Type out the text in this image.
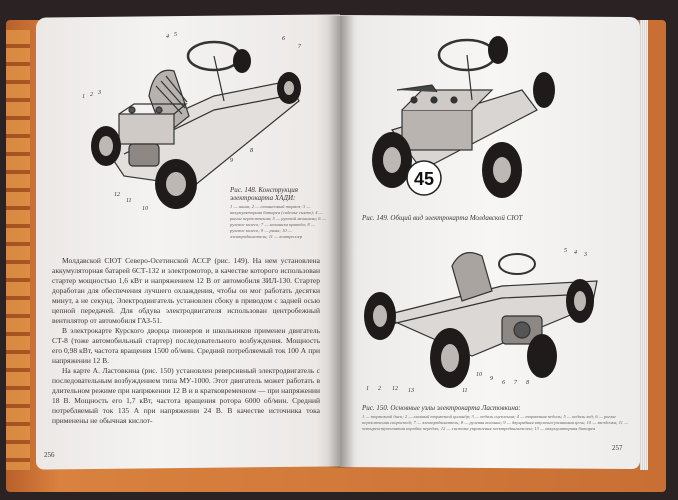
1 2 3
4 5
6
7
8
9
10
11
12
Рис. 148. Конструкция электрокарта ХАДИ:
1 — шина; 2 — стояночный тормоз; 3 — аккумуляторная батарея (сиденье снято); 4 — рычаг переключения; 5 — рулевой механизм; 6 — рулевое колесо; 7 — механизм привода; 8 — рулевое колесо; 9 — рама; 10 — электродвигатель; 11 — контроллер

Молдавской СЮТ Северо-Осетинской АССР (рис. 149). На нем установлена аккумуляторная батарей 6СТ-132 и электромотор, в качестве которого использован стартер мощностью 1,6 кВт и напряжением 12 В от автомобиля ЗИЛ-130. Стартер доработан для обеспечения лучшего охлаждения, чтобы он мог работать десятки минут, а не секунд. Электродвигатель установлен сбоку в приводом с задней осью цепной передачей. Для обдува электродвигателя использован центробежный вентилятор от автомобиля ГАЗ-51.

В электрокарте Курского дворца пионеров и школьников применен двигатель СТ-8 (тоже автомобильный стартер) последовательного возбуждения. Мощность его 0,98 кВт, частота вращения 1500 об/мин. Средний потребляемый ток 100 А при напряжении 12 В.

На карте А. Ластовкина (рис. 150) установлен реверсивный электродвигатель с последовательным возбуждением типа МУ-1000. Этот двигатель может работать в длительном режиме при напряжении 12 В и в кратковременном — при напряжении 18 В. Мощность его 1,7 кВт, частота вращения ротора 6000 об/мин. Средний потребляемый ток 135 А при напряжении 24 В. В качестве источника тока применены не обычная кислот-

256
45
Рис. 149. Общий вид электрокарта Молдавской СЮТ
1 2
3
4
5
6 7 8
9
10
11
12 13
Рис. 150. Основные узлы электрокарта Ластовкина:
1 — тормозной диск; 2 — главный тормозной цилиндр; 3 — педаль сцепления; 4 — тормозная педаль; 5 — педаль ход; 6 — рычаг переключения скоростей; 7 — электродвигатель; 8 — рулевая колонка; 9 — двухрядная втулочно-роликовая цепь; 10 — звездочка; 11 — четырехступенчатая коробка передач; 12 — система управления электродвигателем; 13 — аккумуляторная батарея
257
